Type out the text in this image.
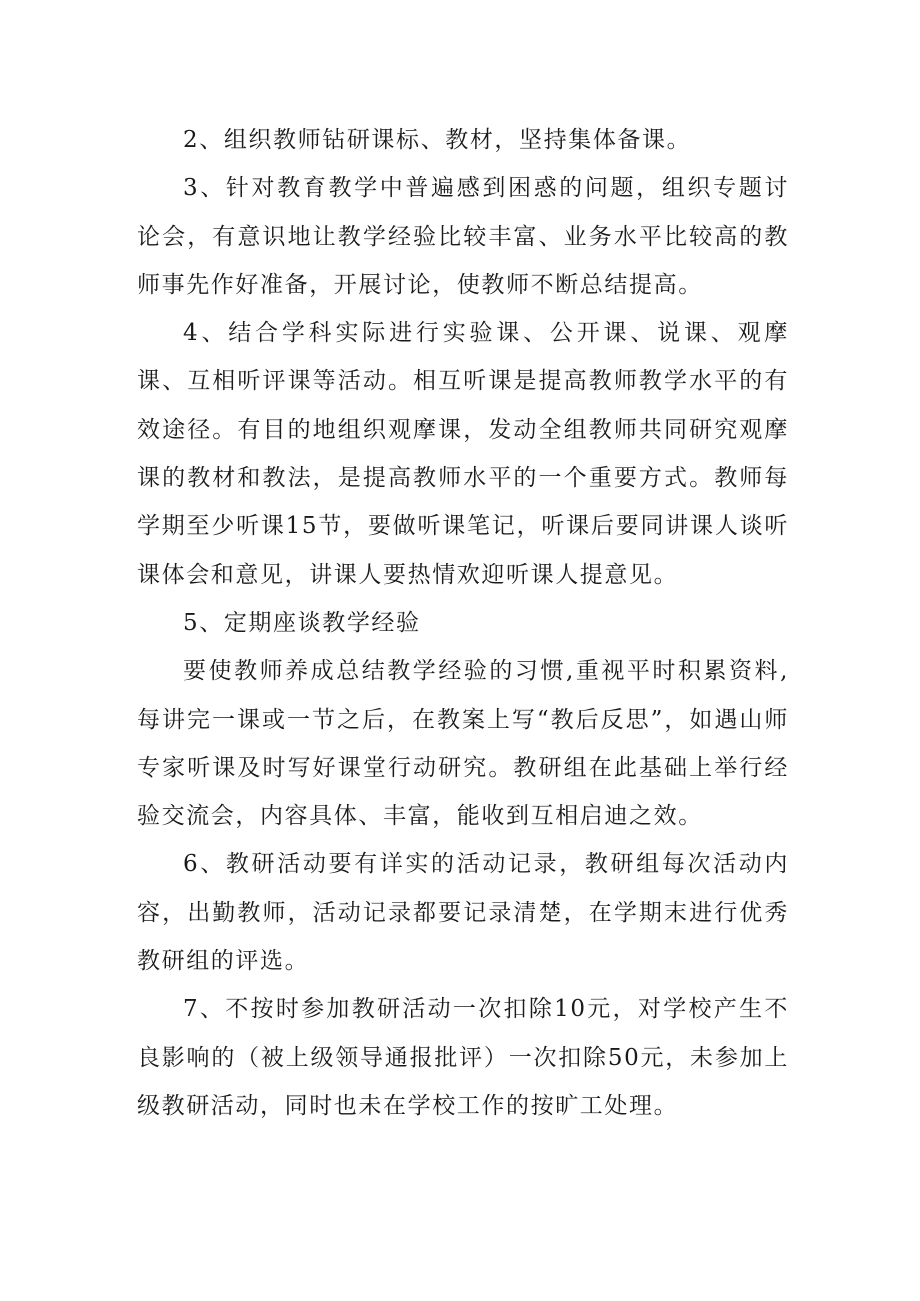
2、组织教师钻研课标、教材，坚持集体备课。

3、针对教育教学中普遍感到困惑的问题，组织专题讨论会，有意识地让教学经验比较丰富、业务水平比较高的教师事先作好准备，开展讨论，使教师不断总结提高。

4、结合学科实际进行实验课、公开课、说课、观摩课、互相听评课等活动。相互听课是提高教师教学水平的有效途径。有目的地组织观摩课，发动全组教师共同研究观摩课的教材和教法，是提高教师水平的一个重要方式。教师每学期至少听课15节，要做听课笔记，听课后要同讲课人谈听课体会和意见，讲课人要热情欢迎听课人提意见。

5、定期座谈教学经验

要使教师养成总结教学经验的习惯,重视平时积累资料,每讲完一课或一节之后，在教案上写“教后反思”，如遇山师专家听课及时写好课堂行动研究。教研组在此基础上举行经验交流会，内容具体、丰富，能收到互相启迪之效。

6、教研活动要有详实的活动记录，教研组每次活动内容，出勤教师，活动记录都要记录清楚，在学期末进行优秀教研组的评选。

7、不按时参加教研活动一次扣除10元，对学校产生不良影响的（被上级领导通报批评）一次扣除50元，未参加上级教研活动，同时也未在学校工作的按旷工处理。
